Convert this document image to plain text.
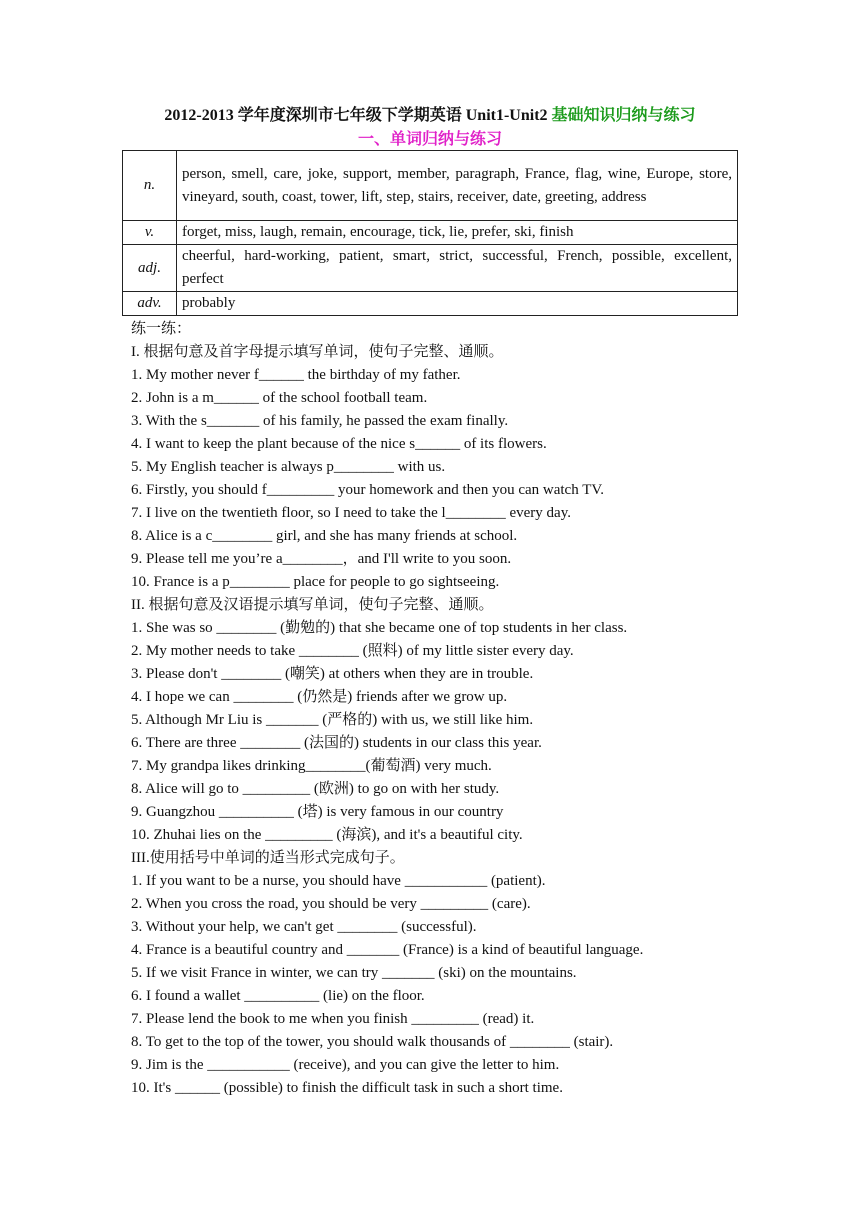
2012-2013 学年度深圳市七年级下学期英语 Unit1-Unit2 基础知识归纳与练习
一、单词归纳与练习
n.	person, smell, care, joke, support, member, paragraph, France, flag, wine, Europe, store, vineyard, south, coast, tower, lift, step, stairs, receiver, date, greeting, address
v.	forget, miss, laugh, remain, encourage, tick, lie, prefer, ski, finish
adj.	cheerful, hard-working, patient, smart, strict, successful, French, possible, excellent, perfect
adv.	probably
练一练：
I. 根据句意及首字母提示填写单词，使句子完整、通顺。
1. My mother never f______ the birthday of my father.
2. John is a m______ of the school football team.
3. With the s_______ of his family, he passed the exam finally.
4. I want to keep the plant because of the nice s______ of its flowers.
5. My English teacher is always p________ with us.
6. Firstly, you should f_________ your homework and then you can watch TV.
7. I live on the twentieth floor, so I need to take the l________ every day.
8. Alice is a c________ girl, and she has many friends at school.
9. Please tell me you’re a________，and I'll write to you soon.
10. France is a p________ place for people to go sightseeing.
II. 根据句意及汉语提示填写单词，使句子完整、通顺。
1. She was so ________ (勤勉的) that she became one of top students in her class.
2. My mother needs to take ________ (照料) of my little sister every day.
3. Please don't ________ (嘲笑) at others when they are in trouble.
4. I hope we can ________ (仍然是) friends after we grow up.
5. Although Mr Liu is _______ (严格的) with us, we still like him.
6. There are three ________ (法国的) students in our class this year.
7. My grandpa likes drinking________(葡萄酒) very much.
8. Alice will go to _________ (欧洲) to go on with her study.
9. Guangzhou __________ (塔) is very famous in our country
10. Zhuhai lies on the _________ (海滨), and it's a beautiful city.
III.使用括号中单词的适当形式完成句子。
1. If you want to be a nurse, you should have ___________ (patient).
2. When you cross the road, you should be very _________ (care).
3. Without your help, we can't get ________ (successful).
4. France is a beautiful country and _______ (France) is a kind of beautiful language.
5. If we visit France in winter, we can try _______ (ski) on the mountains.
6. I found a wallet __________ (lie) on the floor.
7. Please lend the book to me when you finish _________ (read) it.
8. To get to the top of the tower, you should walk thousands of ________ (stair).
9. Jim is the ___________ (receive), and you can give the letter to him.
10. It's ______ (possible) to finish the difficult task in such a short time.
